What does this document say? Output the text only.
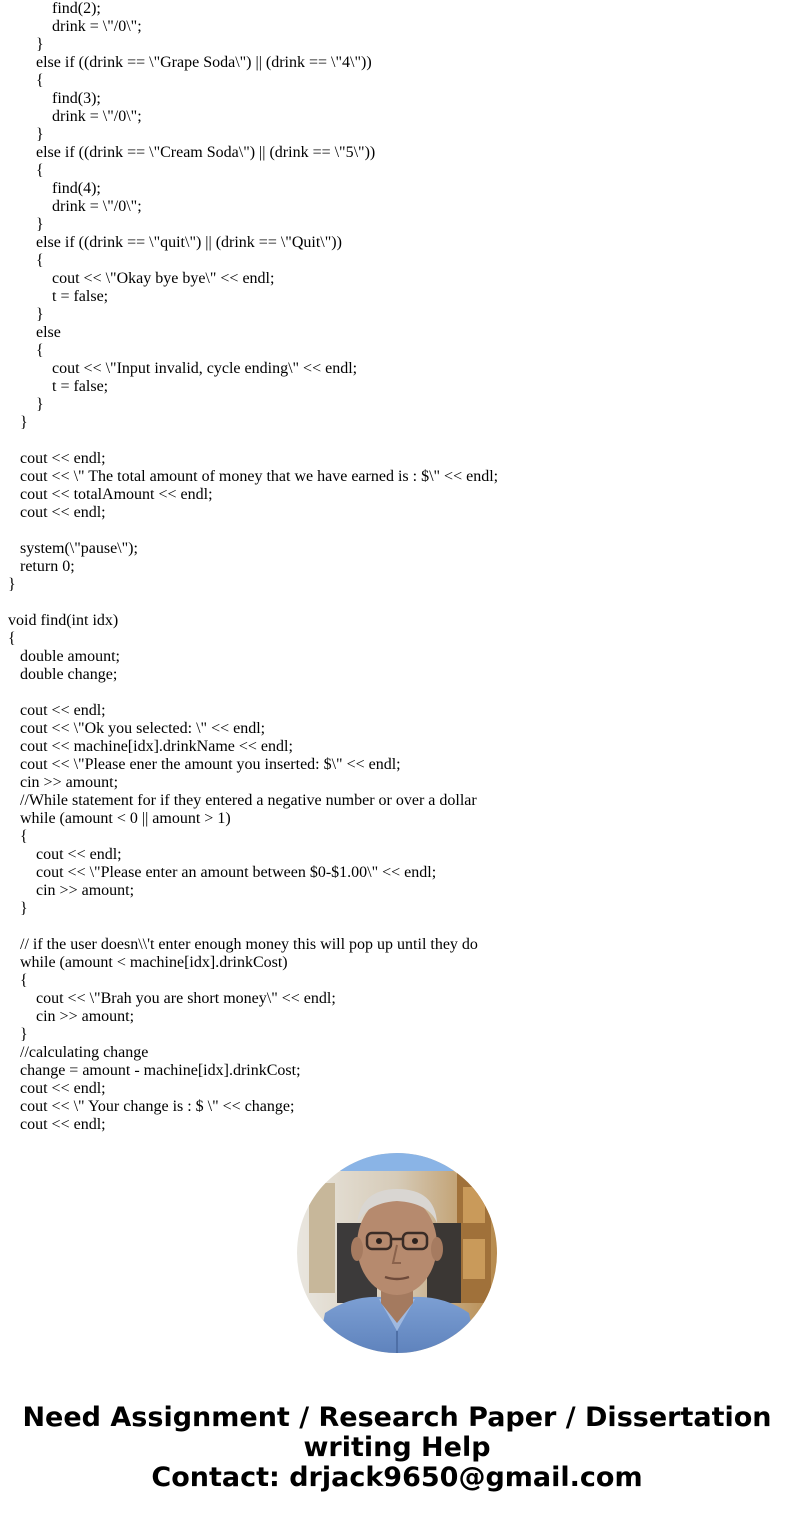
find(2);
drink = \"/0\";
}
else if ((drink == \"Grape Soda\") || (drink == \"4\"))
{
find(3);
drink = \"/0\";
}
else if ((drink == \"Cream Soda\") || (drink == \"5\"))
{
find(4);
drink = \"/0\";
}
else if ((drink == \"quit\") || (drink == \"Quit\"))
{
cout << \"Okay bye bye\" << endl;
t = false;
}
else
{
cout << \"Input invalid, cycle ending\" << endl;
t = false;
}
}
cout << endl;
cout << \" The total amount of money that we have earned is : $\" << endl;
cout << totalAmount << endl;
cout << endl;
system(\"pause\");
return 0;
}
void find(int idx)
{
double amount;
double change;
cout << endl;
cout << \"Ok you selected: \" << endl;
cout << machine[idx].drinkName << endl;
cout << \"Please ener the amount you inserted: $\" << endl;
cin >> amount;
//While statement for if they entered a negative number or over a dollar
while (amount < 0 || amount > 1)
{
cout << endl;
cout << \"Please enter an amount between $0-$1.00\" << endl;
cin >> amount;
}
// if the user doesn\\'t enter enough money this will pop up until they do
while (amount < machine[idx].drinkCost)
{
cout << \"Brah you are short money\" << endl;
cin >> amount;
}
//calculating change
change = amount - machine[idx].drinkCost;
cout << endl;
cout << \" Your change is : $ \" << change;
cout << endl;
Need Assignment / Research Paper / Dissertation
writing Help
Contact: drjack9650@gmail.com
